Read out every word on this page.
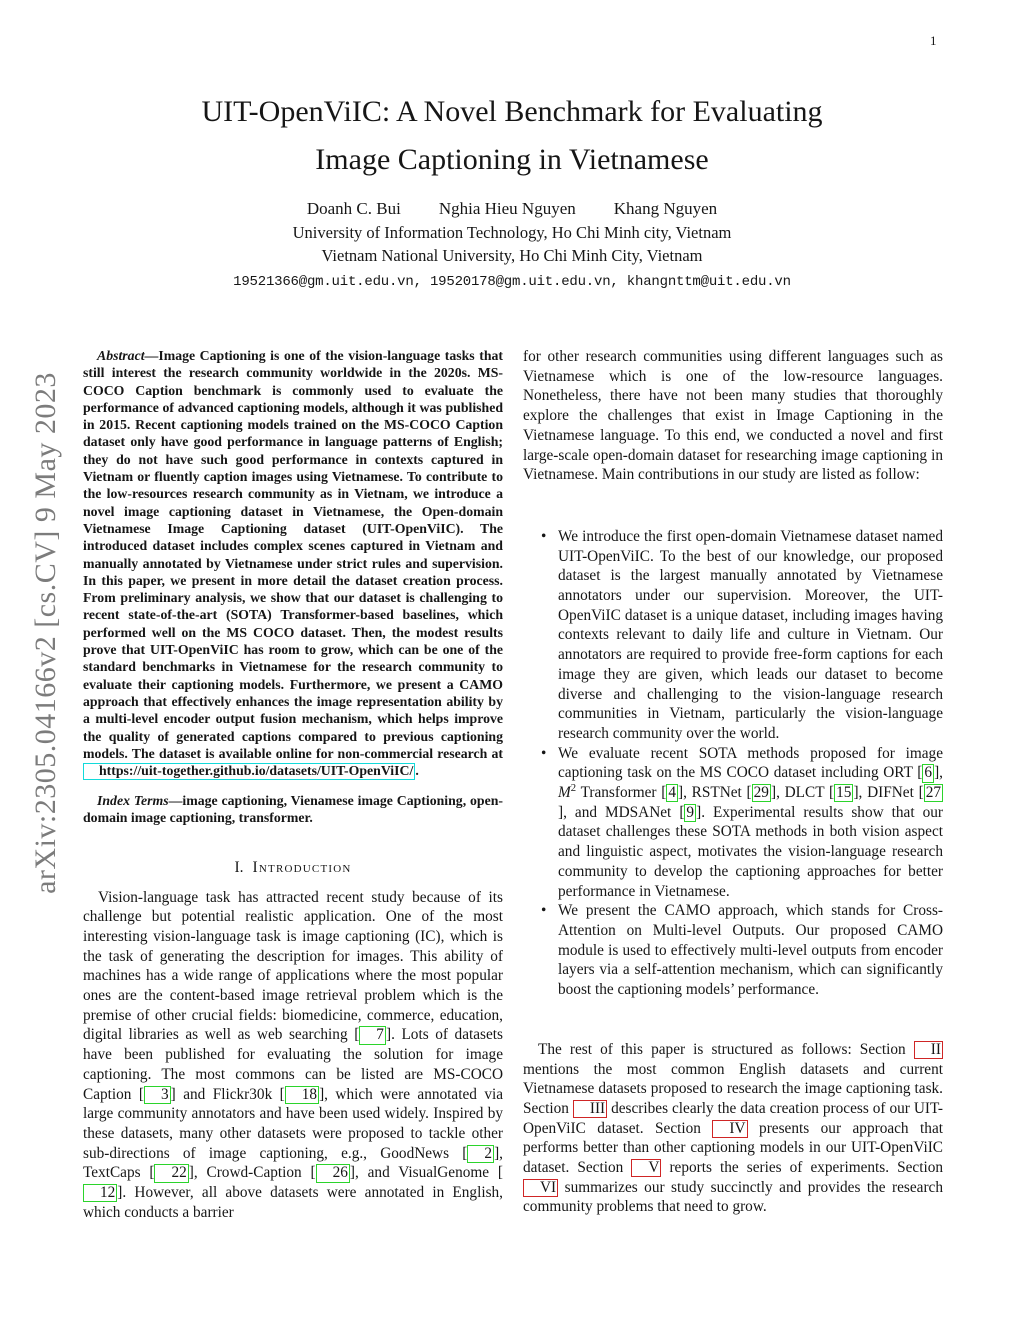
1
arXiv:2305.04166v2 [cs.CV] 9 May 2023
UIT-OpenViIC: A Novel Benchmark for Evaluating
Image Captioning in Vietnamese
Doanh C. Bui Nghia Hieu Nguyen Khang Nguyen
University of Information Technology, Ho Chi Minh city, Vietnam
Vietnam National University, Ho Chi Minh City, Vietnam
19521366@gm.uit.edu.vn, 19520178@gm.uit.edu.vn, khangnttm@uit.edu.vn

Abstract—Image Captioning is one of the vision-language tasks that still interest the research community worldwide in the 2020s. MS-COCO Caption benchmark is commonly used to evaluate the performance of advanced captioning models, although it was published in 2015. Recent captioning models trained on the MS-COCO Caption dataset only have good performance in language patterns of English; they do not have such good performance in contexts captured in Vietnam or fluently caption images using Vietnamese. To contribute to the low-resources research community as in Vietnam, we introduce a novel image captioning dataset in Vietnamese, the Open-domain Vietnamese Image Captioning dataset (UIT-OpenViIC). The introduced dataset includes complex scenes captured in Vietnam and manually annotated by Vietnamese under strict rules and supervision. In this paper, we present in more detail the dataset creation process. From preliminary analysis, we show that our dataset is challenging to recent state-of-the-art (SOTA) Transformer-based baselines, which performed well on the MS COCO dataset. Then, the modest results prove that UIT-OpenViIC has room to grow, which can be one of the standard benchmarks in Vietnamese for the research community to evaluate their captioning models. Furthermore, we present a CAMO approach that effectively enhances the image representation ability by a multi-level encoder output fusion mechanism, which helps improve the quality of generated captions compared to previous captioning models. The dataset is available online for non-commercial research at https://uit-together.github.io/datasets/UIT-OpenViIC/ .

Index Terms—image captioning, Vienamese image Captioning, open-domain image captioning, transformer.

I. Introduction

Vision-language task has attracted recent study because of its challenge but potential realistic application. One of the most interesting vision-language task is image captioning (IC), which is the task of generating the description for images. This ability of machines has a wide range of applications where the most popular ones are the content-based image retrieval problem which is the premise of other crucial fields: biomedicine, commerce, education, digital libraries as well as web searching [ 7 ]. Lots of datasets have been published for evaluating the solution for image captioning. The most commons can be listed are MS-COCO Caption [ 3 ] and Flickr30k [ 18 ], which were annotated via large community annotators and have been used widely. Inspired by these datasets, many other datasets were proposed to tackle other sub-directions of image captioning, e.g., GoodNews [ 2 ], TextCaps [ 22 ], Crowd-Caption [ 26 ], and VisualGenome [12 ]. However, all above datasets were annotated in English, which conducts a barrier

for other research communities using different languages such as Vietnamese which is one of the low-resource languages. Nonetheless, there have not been many studies that thoroughly explore the challenges that exist in Image Captioning in the Vietnamese language. To this end, we conducted a novel and first large-scale open-domain dataset for researching image captioning in Vietnamese. Main contributions in our study are listed as follow:

• We introduce the first open-domain Vietnamese dataset named UIT-OpenViIC. To the best of our knowledge, our proposed dataset is the largest manually annotated by Vietnamese annotators under our supervision. Moreover, the UIT-OpenViIC dataset is a unique dataset, including images having contexts relevant to daily life and culture in Vietnam. Our annotators are required to provide free-form captions for each image they are given, which leads our dataset to become diverse and challenging to the vision-language research communities in Vietnam, particularly the vision-language research community over the world.
• We evaluate recent SOTA methods proposed for image captioning task on the MS COCO dataset including ORT [ 6 ], $M^2$ Transformer [ 4 ], RSTNet [ 29 ], DLCT [ 15 ], DIFNet [ 27], and MDSANet [ 9 ]. Experimental results show that our dataset challenges these SOTA methods in both vision aspect and linguistic aspect, motivates the vision-language research community to develop the captioning approaches for better performance in Vietnamese.
• We present the CAMO approach, which stands for Cross-Attention on Multi-level Outputs. Our proposed CAMO module is used to effectively multi-level outputs from encoder layers via a self-attention mechanism, which can significantly boost the captioning models’ performance.

The rest of this paper is structured as follows: Section II mentions the most common English datasets and current Vietnamese datasets proposed to research the image captioning task. Section III describes clearly the data creation process of our UIT-OpenViIC dataset. Section IV presents our approach that performs better than other captioning models in our UIT-OpenViIC dataset. Section V reports the series of experiments. Section VI summarizes our study succinctly and provides the research community problems that need to grow.
